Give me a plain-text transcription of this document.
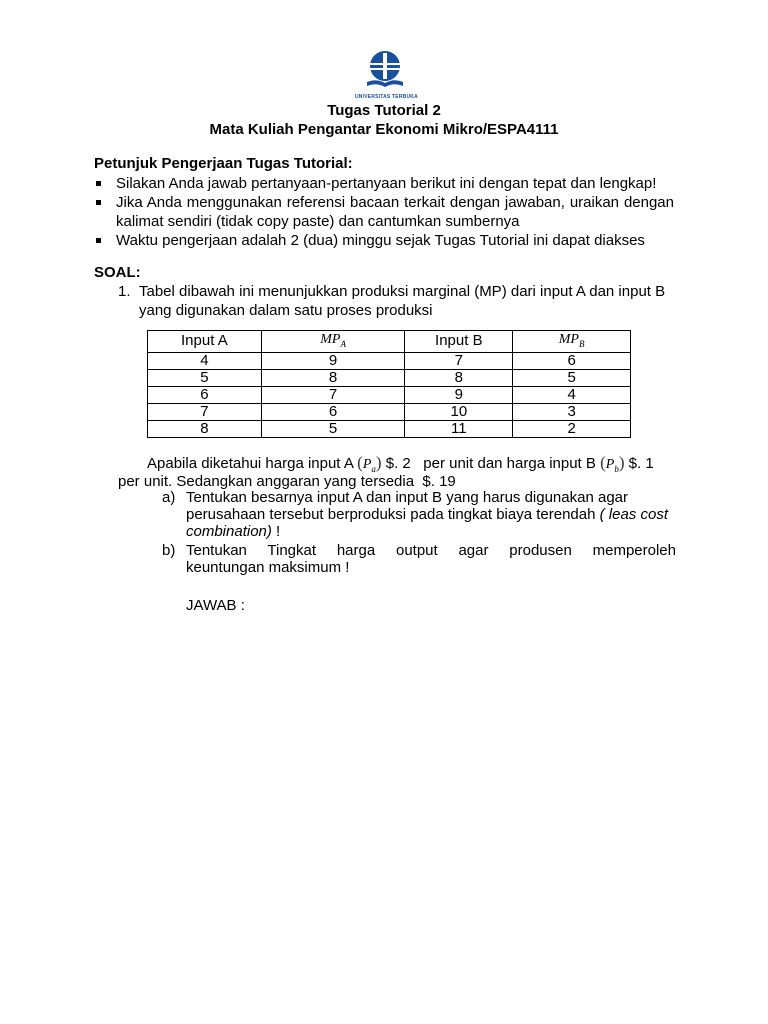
UNIVERSITAS TERBUKA
Tugas Tutorial 2
Mata Kuliah Pengantar Ekonomi Mikro/ESPA4111
Petunjuk Pengerjaan Tugas Tutorial:
Silakan Anda jawab pertanyaan-pertanyaan berikut ini dengan tepat dan lengkap!
Jika Anda menggunakan referensi bacaan terkait dengan jawaban, uraikan dengan kalimat sendiri (tidak copy paste) dan cantumkan sumbernya
Waktu pengerjaan adalah 2 (dua) minggu sejak Tugas Tutorial ini dapat diakses
SOAL:
1. Tabel dibawah ini menunjukkan produksi marginal (MP) dari input A dan input B yang digunakan dalam satu proses produksi
Input A	$MP_A$	Input B	$MP_B$
4	9	7	6
5	8	8	5
6	7	9	4
7	6	10	3
8	5	11	2
Apabila diketahui harga input A $(P_a)$ $. 2   per unit dan harga input B $(P_b)$ $. 1
per unit. Sedangkan anggaran yang tersedia  $. 19
a) Tentukan besarnya input A dan input B yang harus digunakan agar perusahaan tersebut berproduksi pada tingkat biaya terendah ( leas cost combination) !
b) Tentukan Tingkat harga output agar produsen memperoleh
keuntungan maksimum !
JAWAB :
